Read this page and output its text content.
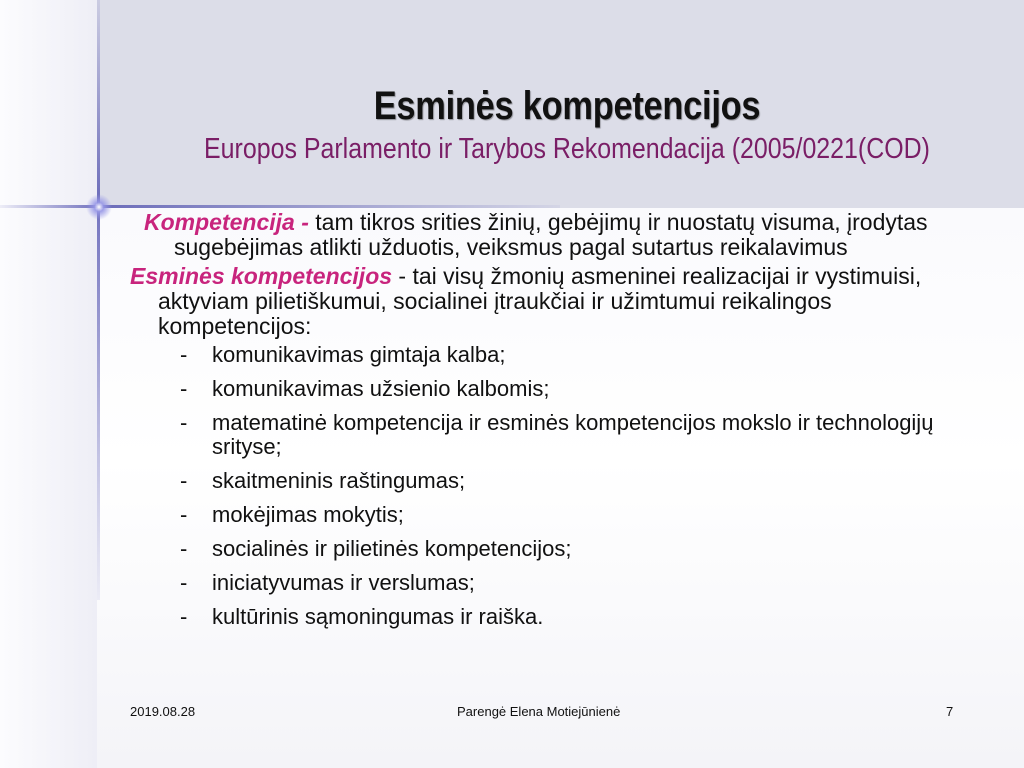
Esminės kompetencijos
Europos Parlamento ir Tarybos Rekomendacija (2005/0221(COD)

Kompetencija - tam tikros srities žinių, gebėjimų ir nuostatų visuma, įrodytas sugebėjimas atlikti užduotis, veiksmus pagal sutartus reikalavimus

Esminės kompetencijos - tai visų žmonių asmeninei realizacijai ir vystimuisi, aktyviam pilietiškumui, socialinei įtraukčiai ir užimtumui reikalingos kompetencijos:

- komunikavimas gimtaja kalba;
- komunikavimas užsienio kalbomis;
- matematinė kompetencija ir esminės kompetencijos mokslo ir technologijų srityse;
- skaitmeninis raštingumas;
- mokėjimas mokytis;
- socialinės ir pilietinės kompetencijos;
- iniciatyvumas ir verslumas;
- kultūrinis sąmoningumas ir raiška.
2019.08.28	Parengė Elena Motiejūnienė	7
